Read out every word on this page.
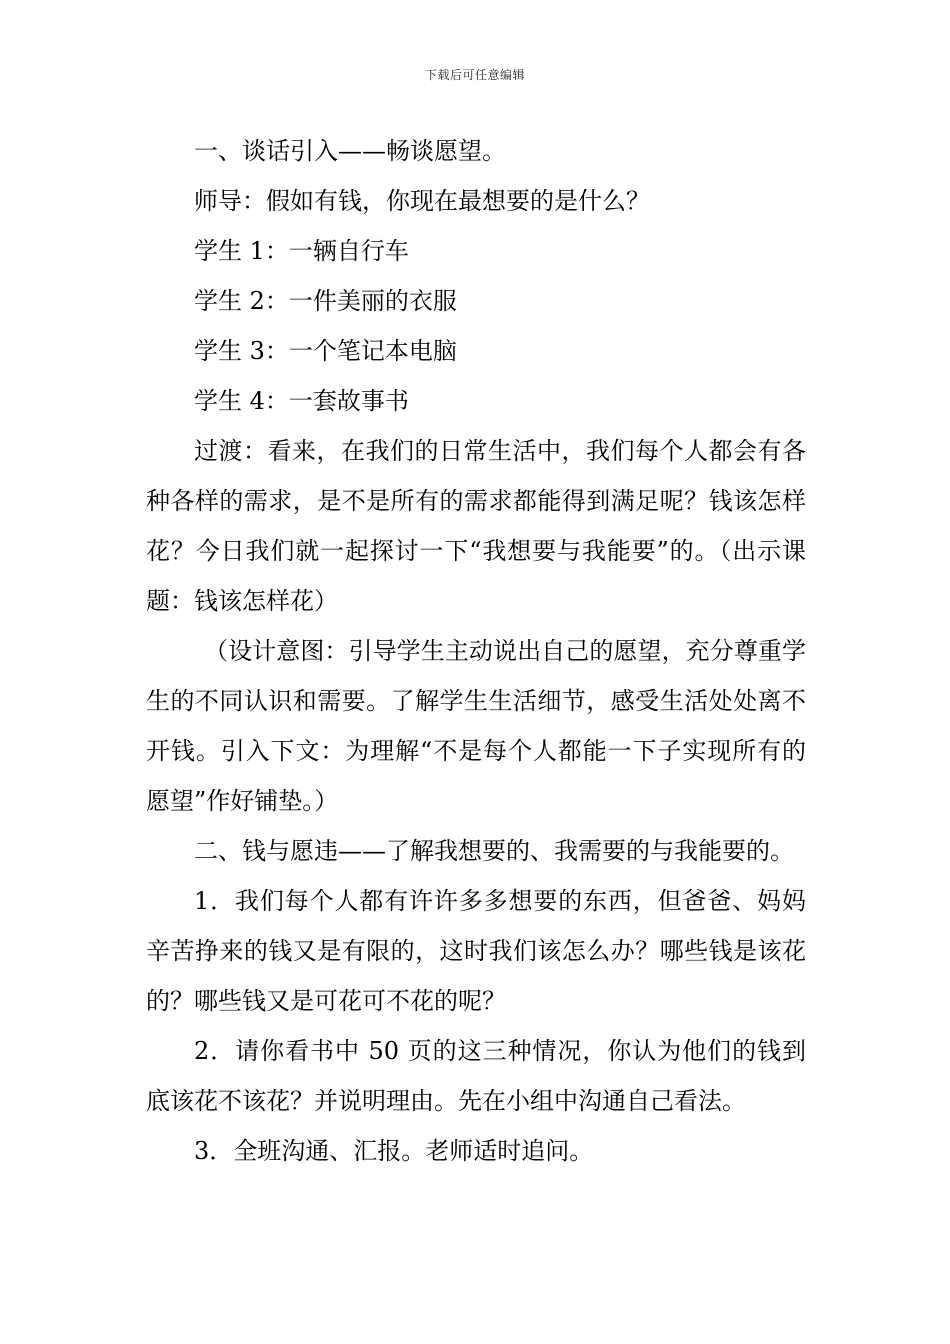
下载后可任意编辑

一、谈话引入——畅谈愿望。

师导：假如有钱，你现在最想要的是什么？

学生 1：一辆自行车

学生 2：一件美丽的衣服

学生 3：一个笔记本电脑

学生 4：一套故事书

过渡：看来，在我们的日常生活中，我们每个人都会有各种各样的需求，是不是所有的需求都能得到满足呢？钱该怎样花？今日我们就一起探讨一下“我想要与我能要”的。（出示课题：钱该怎样花）

（设计意图：引导学生主动说出自己的愿望，充分尊重学生的不同认识和需要。了解学生生活细节，感受生活处处离不开钱。引入下文：为理解“不是每个人都能一下子实现所有的愿望”作好铺垫。）

二、钱与愿违——了解我想要的、我需要的与我能要的。

1．我们每个人都有许许多多想要的东西，但爸爸、妈妈辛苦挣来的钱又是有限的，这时我们该怎么办？哪些钱是该花的？哪些钱又是可花可不花的呢？

2．请你看书中 50 页的这三种情况，你认为他们的钱到底该花不该花？并说明理由。先在小组中沟通自己看法。

3．全班沟通、汇报。老师适时追问。
